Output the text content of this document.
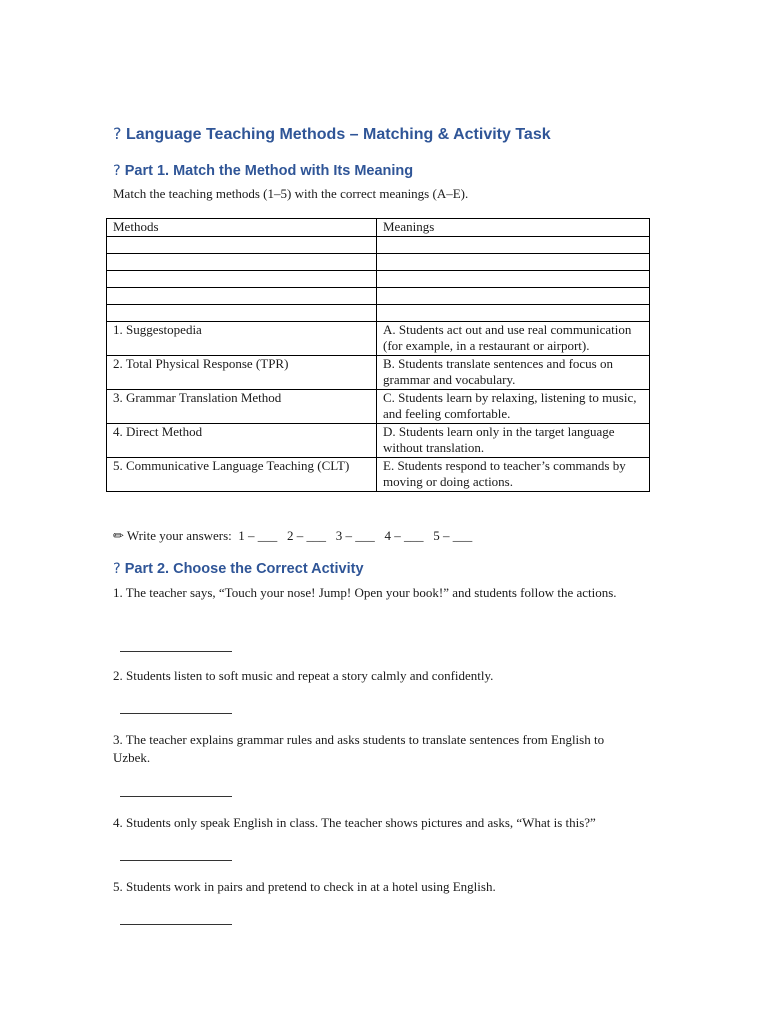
? Language Teaching Methods – Matching & Activity Task
? Part 1. Match the Method with Its Meaning
Match the teaching methods (1–5) with the correct meanings (A–E).
Methods	Meanings

1. Suggestopedia	A. Students act out and use real communication (for example, in a restaurant or airport).
2. Total Physical Response (TPR)	B. Students translate sentences and focus on grammar and vocabulary.
3. Grammar Translation Method	C. Students learn by relaxing, listening to music, and feeling comfortable.
4. Direct Method	D. Students learn only in the target language without translation.
5. Communicative Language Teaching (CLT)	E. Students respond to teacher’s commands by moving or doing actions.
✏ Write your answers:  1 – ___   2 – ___   3 – ___   4 – ___   5 – ___
? Part 2. Choose the Correct Activity
1. The teacher says, “Touch your nose! Jump! Open your book!” and students follow the actions.
2. Students listen to soft music and repeat a story calmly and confidently.
3. The teacher explains grammar rules and asks students to translate sentences from English to Uzbek.
4. Students only speak English in class. The teacher shows pictures and asks, “What is this?”
5. Students work in pairs and pretend to check in at a hotel using English.
